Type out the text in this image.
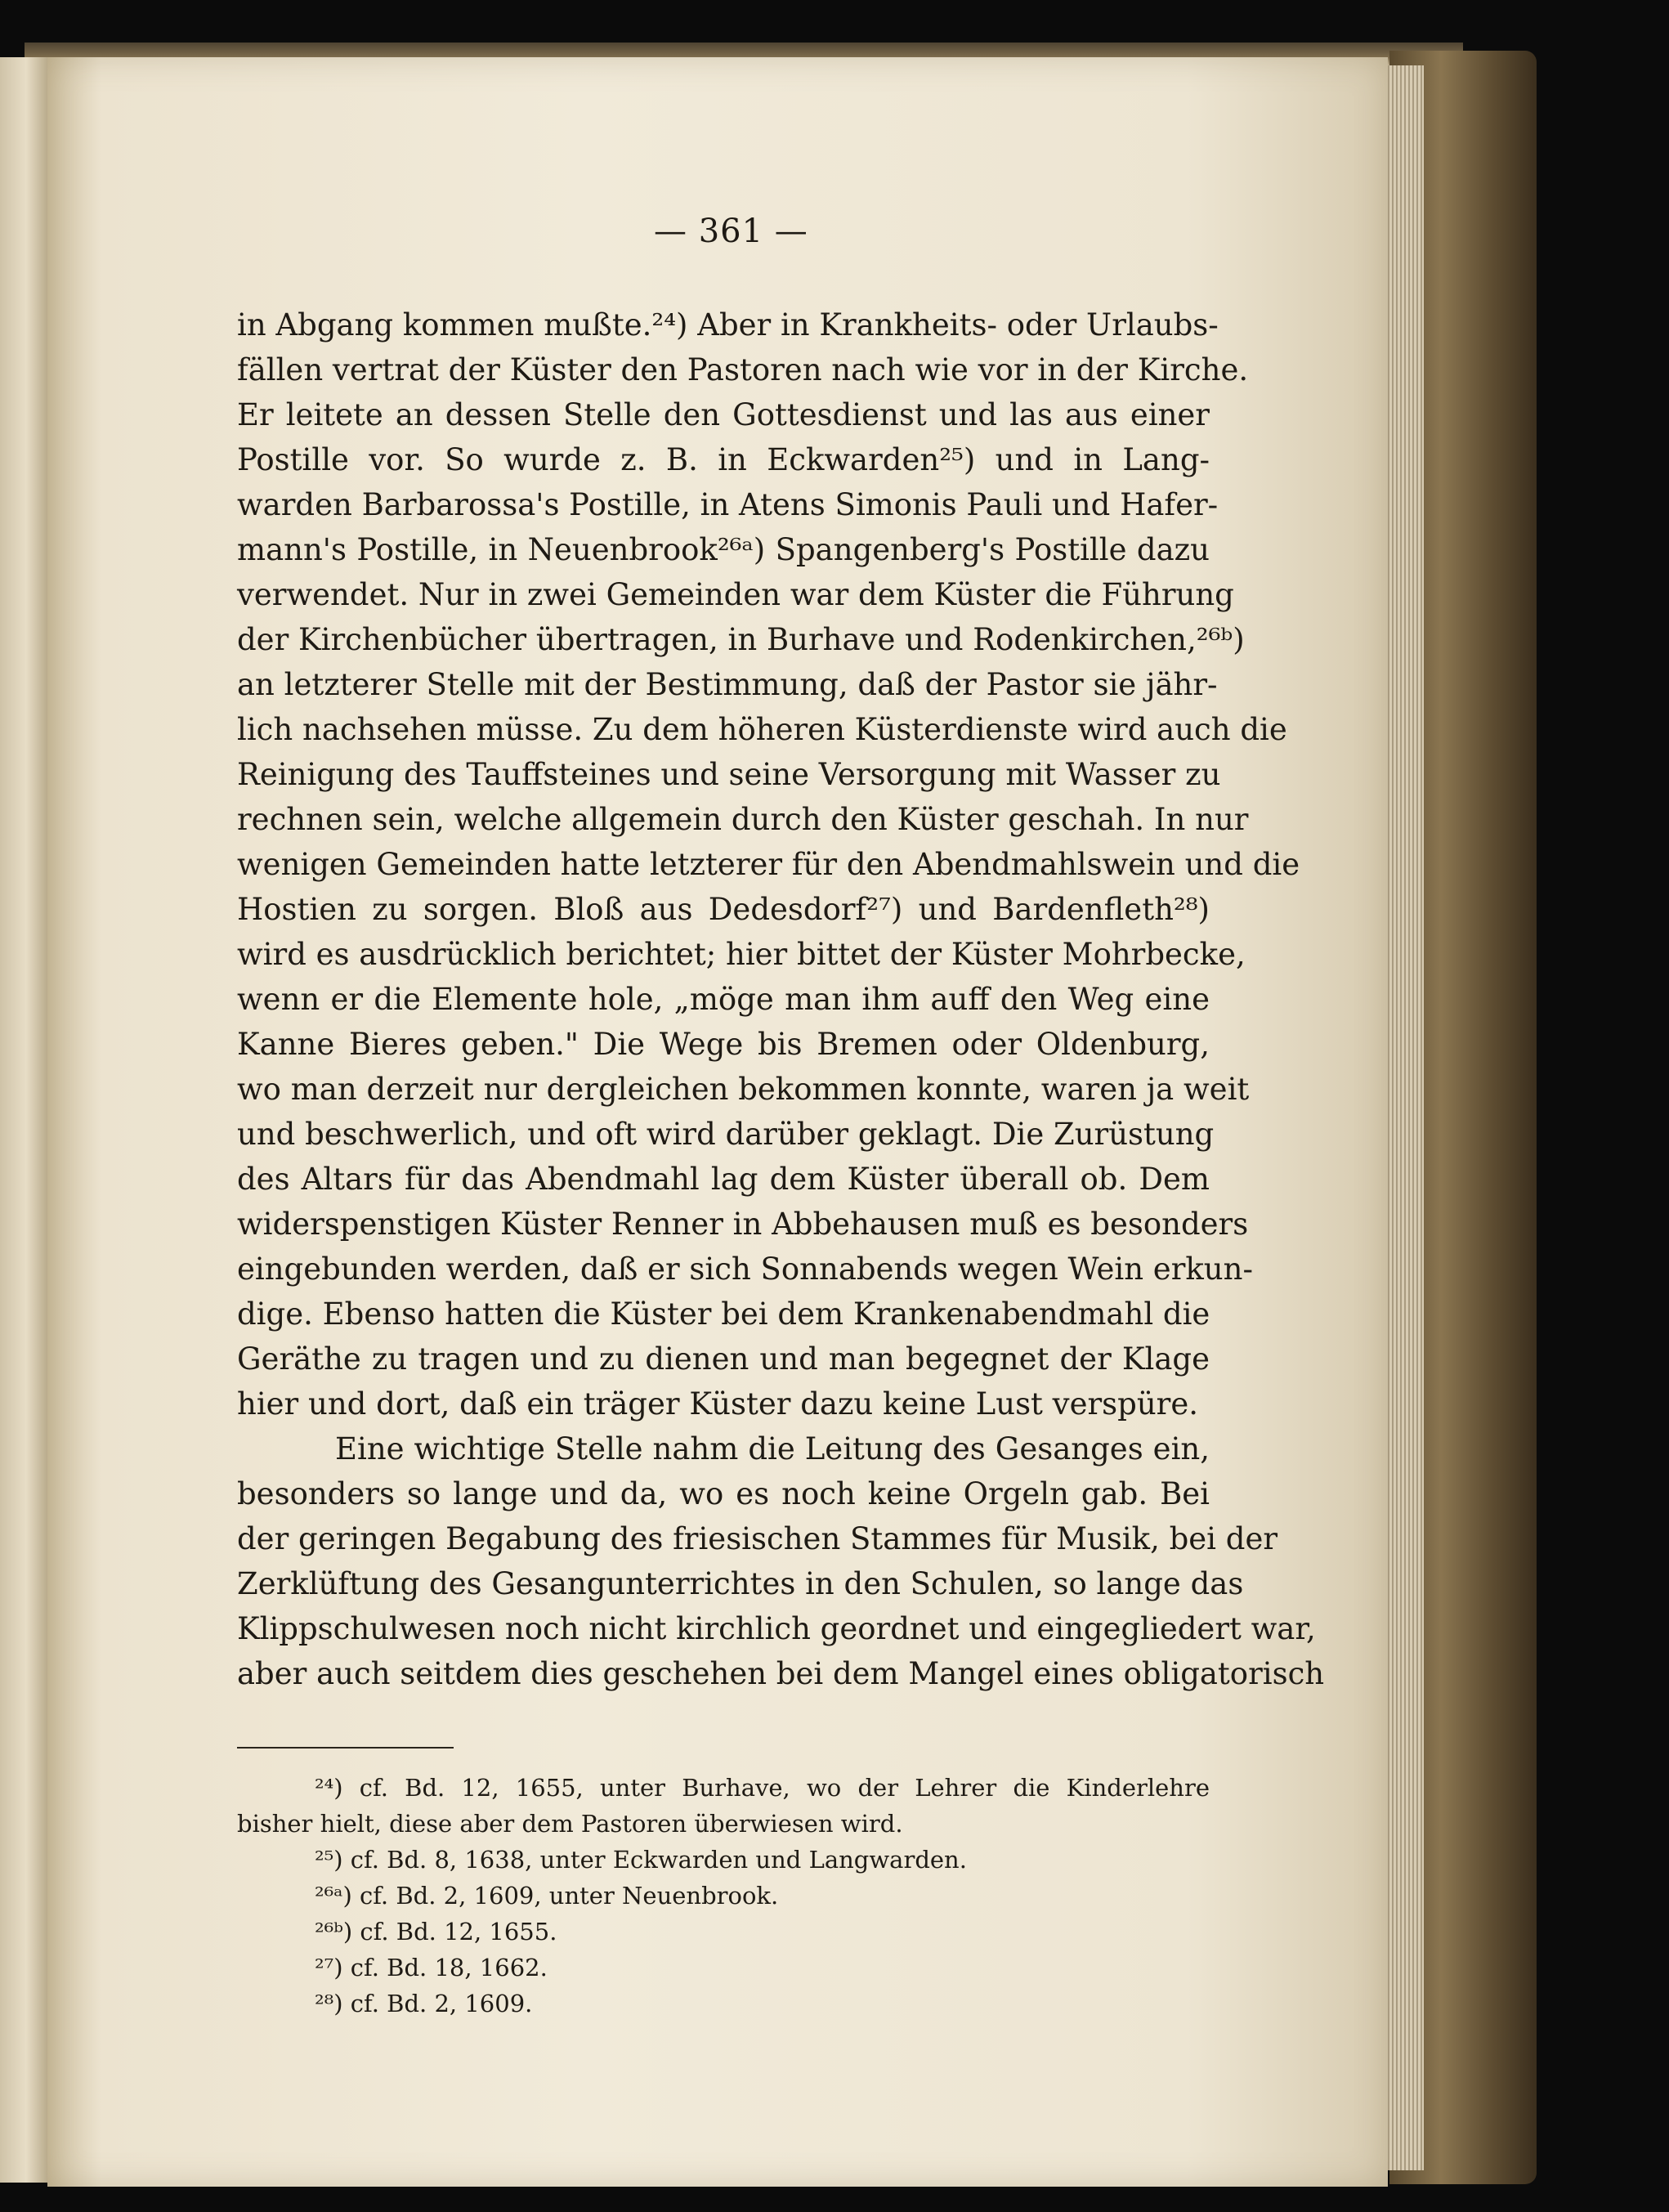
— 361 —
in Abgang kommen mußte.²⁴) Aber in Krankheits- oder Urlaubs-
fällen vertrat der Küster den Pastoren nach wie vor in der Kirche.
Er leitete an dessen Stelle den Gottesdienst und las aus einer
Postille vor. So wurde z. B. in Eckwarden²⁵) und in Lang-
warden Barbarossa's Postille, in Atens Simonis Pauli und Hafer-
mann's Postille, in Neuenbrook²⁶ᵃ) Spangenberg's Postille dazu
verwendet. Nur in zwei Gemeinden war dem Küster die Führung
der Kirchenbücher übertragen, in Burhave und Rodenkirchen,²⁶ᵇ)
an letzterer Stelle mit der Bestimmung, daß der Pastor sie jähr-
lich nachsehen müsse. Zu dem höheren Küsterdienste wird auch die
Reinigung des Tauffsteines und seine Versorgung mit Wasser zu
rechnen sein, welche allgemein durch den Küster geschah. In nur
wenigen Gemeinden hatte letzterer für den Abendmahlswein und die
Hostien zu sorgen. Bloß aus Dedesdorf²⁷) und Bardenfleth²⁸)
wird es ausdrücklich berichtet; hier bittet der Küster Mohrbecke,
wenn er die Elemente hole, „möge man ihm auff den Weg eine
Kanne Bieres geben." Die Wege bis Bremen oder Oldenburg,
wo man derzeit nur dergleichen bekommen konnte, waren ja weit
und beschwerlich, und oft wird darüber geklagt. Die Zurüstung
des Altars für das Abendmahl lag dem Küster überall ob. Dem
widerspenstigen Küster Renner in Abbehausen muß es besonders
eingebunden werden, daß er sich Sonnabends wegen Wein erkun-
dige. Ebenso hatten die Küster bei dem Krankenabendmahl die
Geräthe zu tragen und zu dienen und man begegnet der Klage
hier und dort, daß ein träger Küster dazu keine Lust verspüre.
Eine wichtige Stelle nahm die Leitung des Gesanges ein,
besonders so lange und da, wo es noch keine Orgeln gab. Bei
der geringen Begabung des friesischen Stammes für Musik, bei der
Zerklüftung des Gesangunterrichtes in den Schulen, so lange das
Klippschulwesen noch nicht kirchlich geordnet und eingegliedert war,
aber auch seitdem dies geschehen bei dem Mangel eines obligatorisch
²⁴) cf. Bd. 12, 1655, unter Burhave, wo der Lehrer die Kinderlehre
bisher hielt, diese aber dem Pastoren überwiesen wird.
²⁵) cf. Bd. 8, 1638, unter Eckwarden und Langwarden.
²⁶ᵃ) cf. Bd. 2, 1609, unter Neuenbrook.
²⁶ᵇ) cf. Bd. 12, 1655.
²⁷) cf. Bd. 18, 1662.
²⁸) cf. Bd. 2, 1609.
